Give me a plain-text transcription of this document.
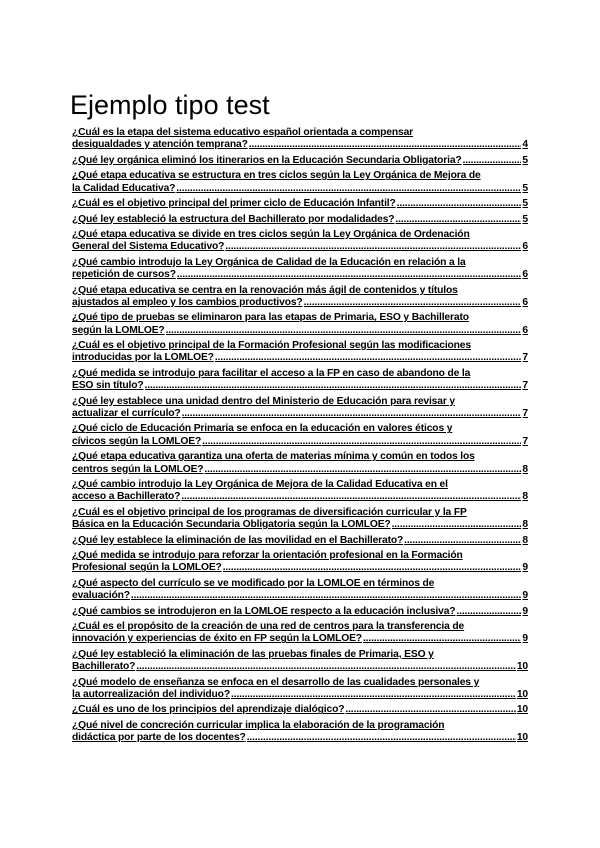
Ejemplo tipo test
¿Cuál es la etapa del sistema educativo español orientada a compensar
desigualdades y atención temprana? .....	4
¿Qué ley orgánica eliminó los itinerarios en la Educación Secundaria Obligatoria? .....	5
¿Qué etapa educativa se estructura en tres ciclos según la Ley Orgánica de Mejora de
la Calidad Educativa? .....	5
¿Cuál es el objetivo principal del primer ciclo de Educación Infantil? .....	5
¿Qué ley estableció la estructura del Bachillerato por modalidades? .....	5
¿Qué etapa educativa se divide en tres ciclos según la Ley Orgánica de Ordenación
General del Sistema Educativo? .....	6
¿Qué cambio introdujo la Ley Orgánica de Calidad de la Educación en relación a la
repetición de cursos? .....	6
¿Qué etapa educativa se centra en la renovación más ágil de contenidos y títulos
ajustados al empleo y los cambios productivos? .....	6
¿Qué tipo de pruebas se eliminaron para las etapas de Primaria, ESO y Bachillerato
según la LOMLOE? .....	6
¿Cuál es el objetivo principal de la Formación Profesional según las modificaciones
introducidas por la LOMLOE? .....	7
¿Qué medida se introdujo para facilitar el acceso a la FP en caso de abandono de la
ESO sin título? .....	7
¿Qué ley establece una unidad dentro del Ministerio de Educación para revisar y
actualizar el currículo? .....	7
¿Qué ciclo de Educación Primaria se enfoca en la educación en valores éticos y
cívicos según la LOMLOE? .....	7
¿Qué etapa educativa garantiza una oferta de materias mínima y común en todos los
centros según la LOMLOE? .....	8
¿Qué cambio introdujo la Ley Orgánica de Mejora de la Calidad Educativa en el
acceso a Bachillerato? .....	8
¿Cuál es el objetivo principal de los programas de diversificación curricular y la FP
Básica en la Educación Secundaria Obligatoria según la LOMLOE? .....	8
¿Qué ley establece la eliminación de las movilidad en el Bachillerato? .....	8
¿Qué medida se introdujo para reforzar la orientación profesional en la Formación
Profesional según la LOMLOE? .....	9
¿Qué aspecto del currículo se ve modificado por la LOMLOE en términos de
evaluación? .....	9
¿Qué cambios se introdujeron en la LOMLOE respecto a la educación inclusiva? .....	9
¿Cuál es el propósito de la creación de una red de centros para la transferencia de
innovación y experiencias de éxito en FP según la LOMLOE? .....	9
¿Qué ley estableció la eliminación de las pruebas finales de Primaria, ESO y
Bachillerato? .....	10
¿Qué modelo de enseñanza se enfoca en el desarrollo de las cualidades personales y
la autorrealización del individuo? .....	10
¿Cuál es uno de los principios del aprendizaje dialógico? .....	10
¿Qué nivel de concreción curricular implica la elaboración de la programación
didáctica por parte de los docentes? .....	10
